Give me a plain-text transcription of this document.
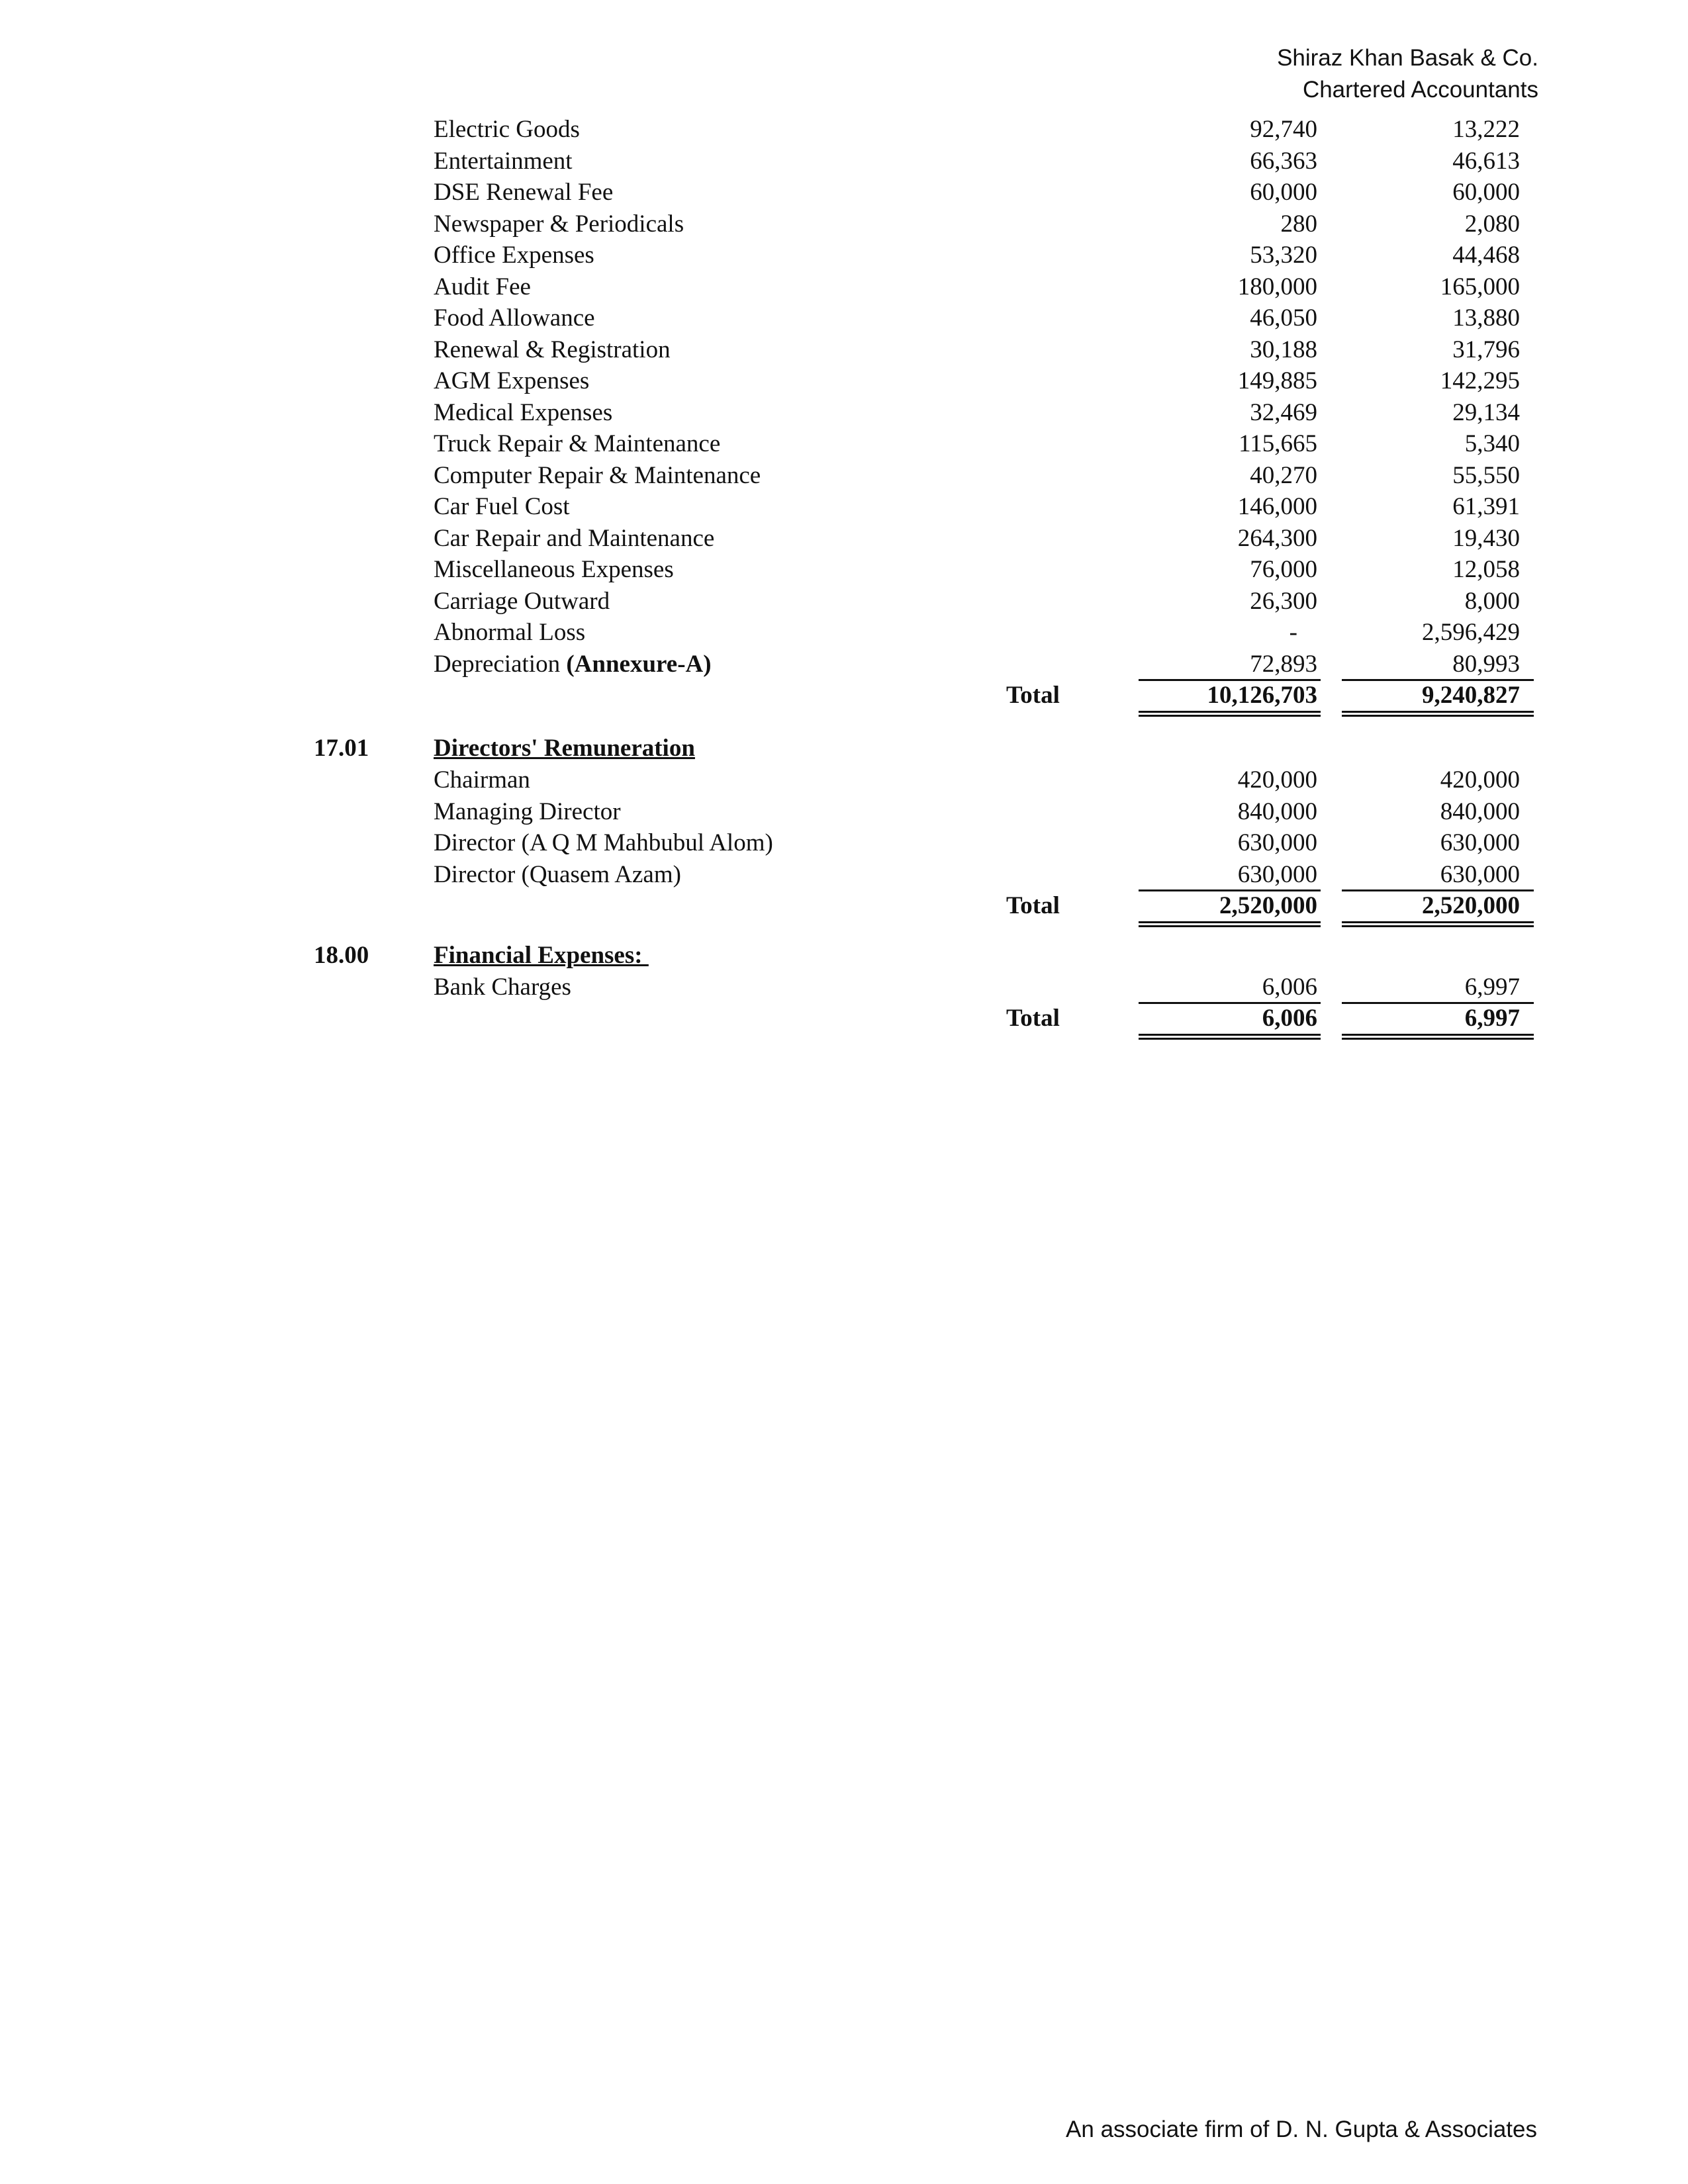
Shiraz Khan Basak & Co.
Chartered Accountants
Electric Goods	92,740	13,222
Entertainment	66,363	46,613
DSE Renewal Fee	60,000	60,000
Newspaper & Periodicals	280	2,080
Office Expenses	53,320	44,468
Audit Fee	180,000	165,000
Food Allowance	46,050	13,880
Renewal & Registration	30,188	31,796
AGM Expenses	149,885	142,295
Medical Expenses	32,469	29,134
Truck Repair & Maintenance	115,665	5,340
Computer Repair & Maintenance	40,270	55,550
Car Fuel Cost	146,000	61,391
Car Repair and Maintenance	264,300	19,430
Miscellaneous Expenses	76,000	12,058
Carriage Outward	26,300	8,000
Abnormal Loss	-	2,596,429
Depreciation (Annexure-A)	72,893	80,993
Total	10,126,703	9,240,827
17.01	Directors' Remuneration
Chairman	420,000	420,000
Managing Director	840,000	840,000
Director (A Q M Mahbubul Alom)	630,000	630,000
Director (Quasem Azam)	630,000	630,000
Total	2,520,000	2,520,000
18.00	Financial Expenses:
Bank Charges	6,006	6,997
Total	6,006	6,997
An associate firm of D. N. Gupta & Associates
